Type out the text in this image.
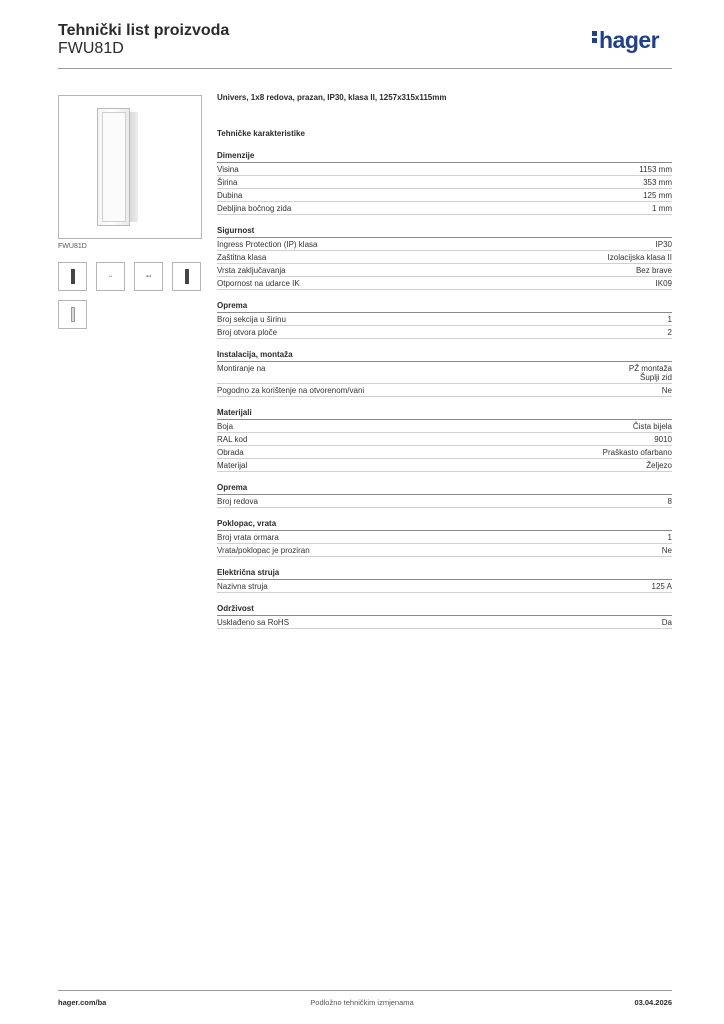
Tehnički list proizvoda
FWU81D	hager
FWU81D
↔	↤
Univers, 1x8 redova, prazan, IP30, klasa II, 1257x315x115mm
Tehničke karakteristike
Dimenzije
Visina	1153 mm
Širina	353 mm
Dubina	125 mm
Debljina bočnog zida	1 mm
Sigurnost
Ingress Protection (IP) klasa	IP30
Zaštitna klasa	Izolacijska klasa II
Vrsta zaključavanja	Bez brave
Otpornost na udarce IK	IK09
Oprema
Broj sekcija u širinu	1
Broj otvora ploče	2
Instalacija, montaža
Montiranje na	PŽ montaža
Šuplji zid
Pogodno za korištenje na otvorenom/vani	Ne
Materijali
Boja	Čista bijela
RAL kod	9010
Obrada	Praškasto ofarbano
Materijal	Željezo
Oprema
Broj redova	8
Poklopac, vrata
Broj vrata ormara	1
Vrata/poklopac je proziran	Ne
Električna struja
Nazivna struja	125 A
Održivost
Usklađeno sa RoHS	Da
hager.com/ba	Podložno tehničkim izmjenama	03.04.2026
